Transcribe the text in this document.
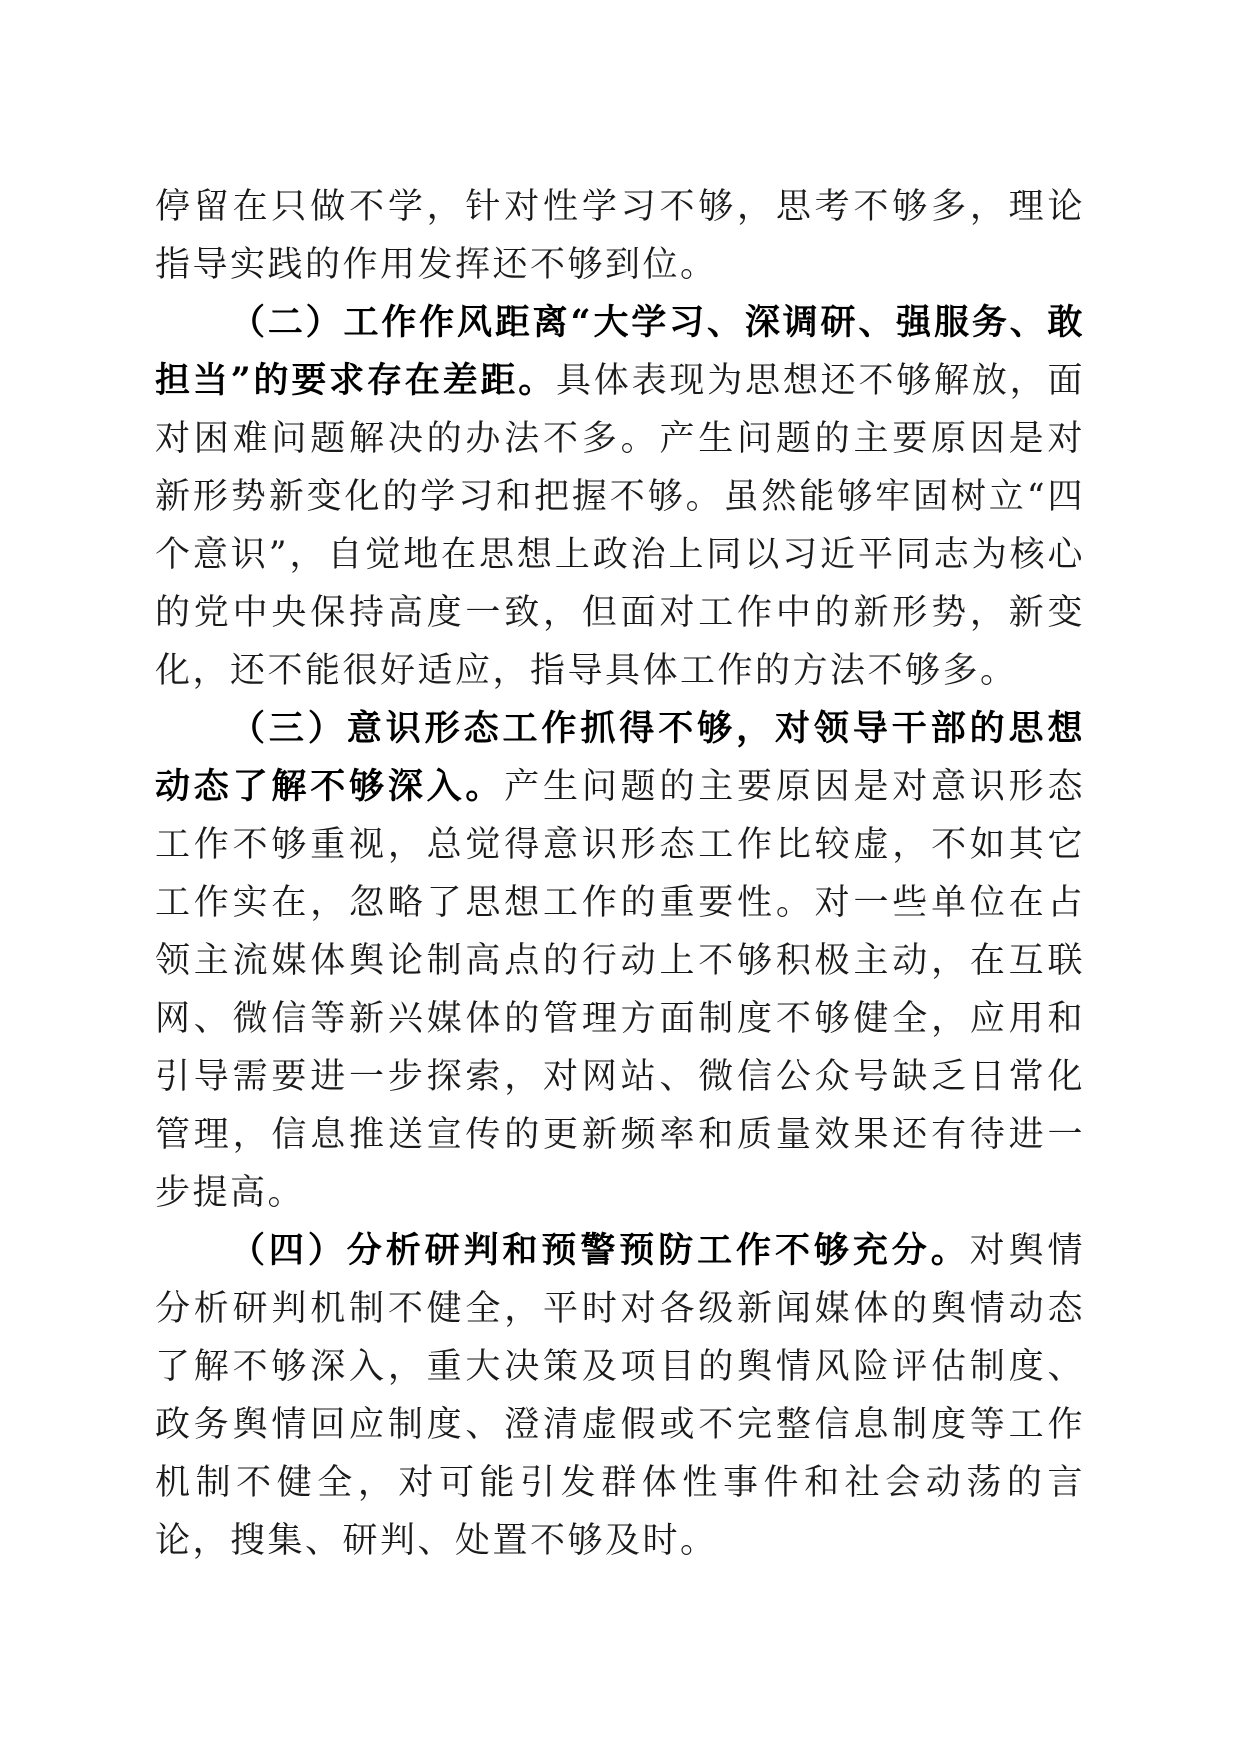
停留在只做不学，针对性学习不够，思考不够多，理论指导实践的作用发挥还不够到位。

（二）工作作风距离“大学习、深调研、强服务、敢担当”的要求存在差距。具体表现为思想还不够解放，面对困难问题解决的办法不多。产生问题的主要原因是对新形势新变化的学习和把握不够。虽然能够牢固树立“四个意识”，自觉地在思想上政治上同以习近平同志为核心的党中央保持高度一致，但面对工作中的新形势，新变化，还不能很好适应，指导具体工作的方法不够多。

（三）意识形态工作抓得不够，对领导干部的思想动态了解不够深入。产生问题的主要原因是对意识形态工作不够重视，总觉得意识形态工作比较虚，不如其它工作实在，忽略了思想工作的重要性。对一些单位在占领主流媒体舆论制高点的行动上不够积极主动，在互联网、微信等新兴媒体的管理方面制度不够健全，应用和引导需要进一步探索，对网站、微信公众号缺乏日常化管理，信息推送宣传的更新频率和质量效果还有待进一步提高。

（四）分析研判和预警预防工作不够充分。对舆情分析研判机制不健全，平时对各级新闻媒体的舆情动态了解不够深入，重大决策及项目的舆情风险评估制度、政务舆情回应制度、澄清虚假或不完整信息制度等工作机制不健全，对可能引发群体性事件和社会动荡的言论，搜集、研判、处置不够及时。
